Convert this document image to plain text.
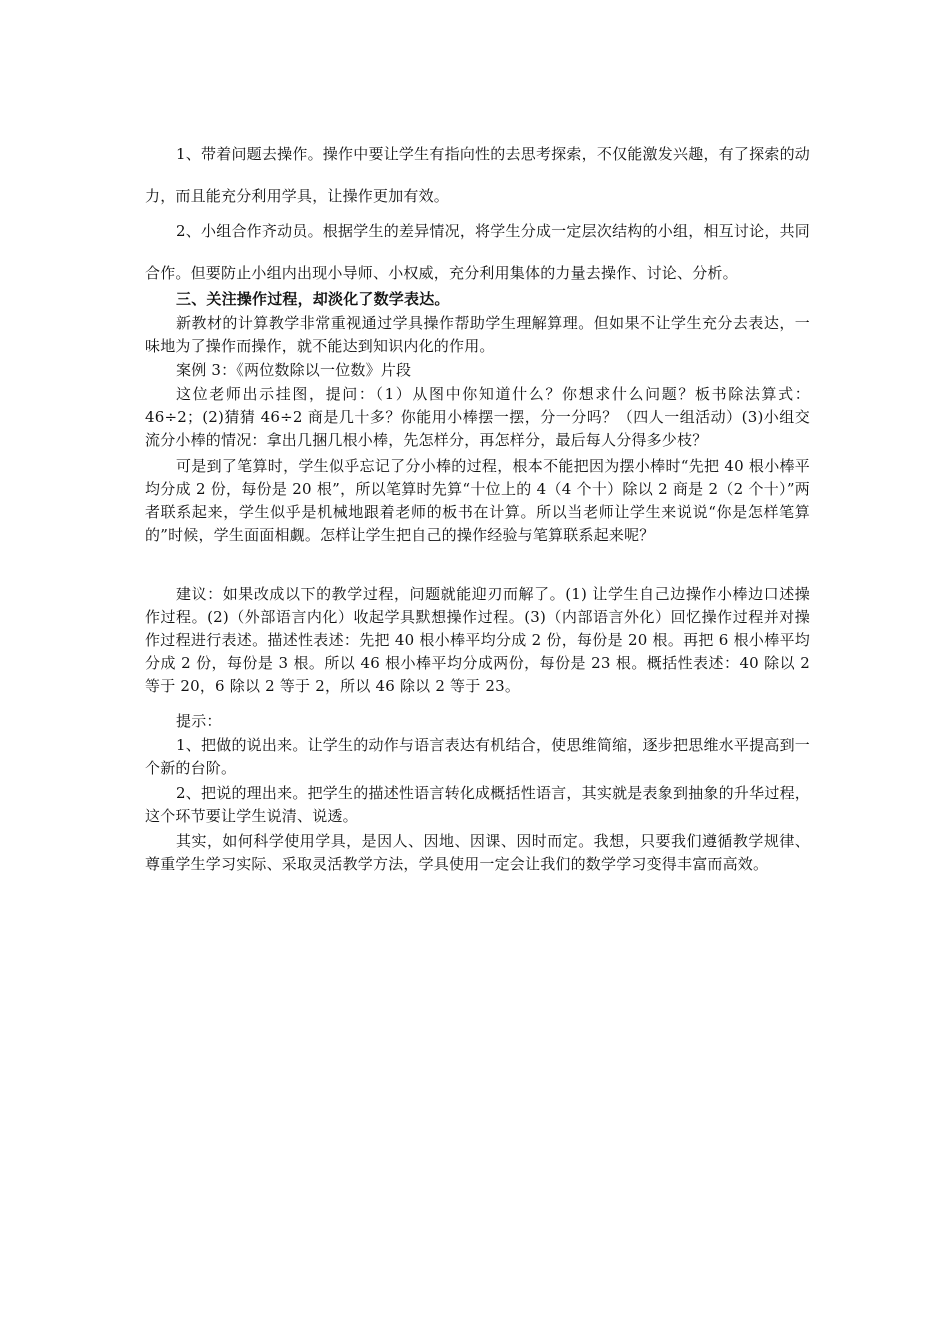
1、带着问题去操作。操作中要让学生有指向性的去思考探索，不仅能激发兴趣，有了探索的动力，而且能充分利用学具，让操作更加有效。

2、小组合作齐动员。根据学生的差异情况，将学生分成一定层次结构的小组，相互讨论，共同合作。但要防止小组内出现小导师、小权威，充分利用集体的力量去操作、讨论、分析。

三、关注操作过程，却淡化了数学表达。

新教材的计算教学非常重视通过学具操作帮助学生理解算理。但如果不让学生充分去表达，一味地为了操作而操作，就不能达到知识内化的作用。

案例 3：《两位数除以一位数》片段

这位老师出示挂图，提问：（1）从图中你知道什么？你想求什么问题？板书除法算式：46÷2；(2)猜猜 46÷2 商是几十多？你能用小棒摆一摆，分一分吗？（四人一组活动）(3)小组交流分小棒的情况：拿出几捆几根小棒，先怎样分，再怎样分，最后每人分得多少枝？

可是到了笔算时，学生似乎忘记了分小棒的过程，根本不能把因为摆小棒时“先把 40 根小棒平均分成 2 份，每份是 20 根”，所以笔算时先算“十位上的 4（4 个十）除以 2 商是 2（2 个十）”两者联系起来，学生似乎是机械地跟着老师的板书在计算。所以当老师让学生来说说“你是怎样笔算的”时候，学生面面相觑。怎样让学生把自己的操作经验与笔算联系起来呢？

建议：如果改成以下的教学过程，问题就能迎刃而解了。(1) 让学生自己边操作小棒边口述操作过程。(2)（外部语言内化）收起学具默想操作过程。(3)（内部语言外化）回忆操作过程并对操作过程进行表述。描述性表述：先把 40 根小棒平均分成 2 份，每份是 20 根。再把 6 根小棒平均分成 2 份，每份是 3 根。所以 46 根小棒平均分成两份，每份是 23 根。概括性表述：40 除以 2 等于 20，6 除以 2 等于 2，所以 46 除以 2 等于 23。

提示：

1、把做的说出来。让学生的动作与语言表达有机结合，使思维简缩，逐步把思维水平提高到一个新的台阶。

2、把说的理出来。把学生的描述性语言转化成概括性语言，其实就是表象到抽象的升华过程，这个环节要让学生说清、说透。

其实，如何科学使用学具，是因人、因地、因课、因时而定。我想，只要我们遵循教学规律、尊重学生学习实际、采取灵活教学方法，学具使用一定会让我们的数学学习变得丰富而高效。
